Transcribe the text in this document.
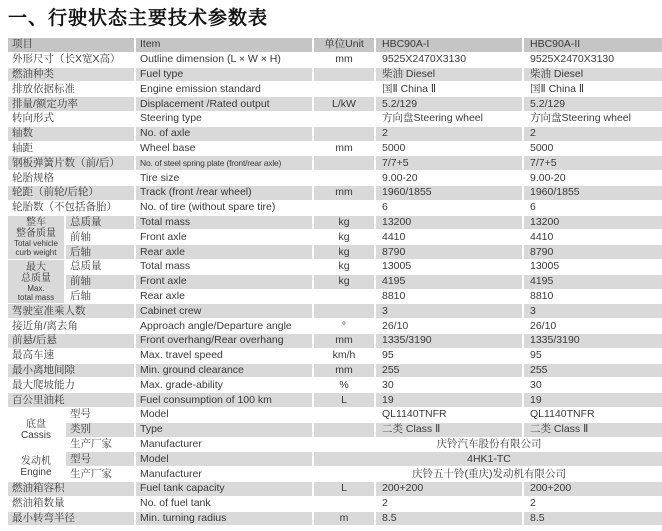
一、行驶状态主要技术参数表
项目		Item	单位Unit	HBC90A-I	HBC90A-II
外形尺寸（长X宽X高）		Outline dimension (L × W × H)	mm	9525X2470X3130	9525X2470X3130
燃油种类		Fuel type		柴油 Diesel	柴油 Diesel
排放依据标准		Engine emission standard		国Ⅱ China Ⅱ	国Ⅱ China Ⅱ
排量/额定功率		Displacement /Rated output	L/kW	5.2/129	5.2/129
转向形式		Steering type		方向盘Steering wheel	方向盘Steering wheel
轴数		No. of axle		2	2
轴距		Wheel base	mm	5000	5000
钢板弹簧片数（前/后）		No. of steel spring plate (front/rear axle)		7/7+5	7/7+5
轮胎规格		Tire size		9.00-20	9.00-20
轮距（前轮/后轮）		Track (front /rear wheel)	mm	1960/1855	1960/1855
轮胎数（不包括备胎）		No. of tire (without spare tire)		6	6

整车
整备质量
Total vehicle
curb weight	总质量	Total mass	kg	13200	13200
	前轴	Front axle	kg	4410	4410
	后轴	Rear axle	kg	8790	8790

最大
总质量
Max.
total mass	总质量	Total mass	kg	13005	13005
	前轴	Front axle	kg	4195	4195
	后轴	Rear axle		8810	8810
驾驶室准乘人数		Cabinet crew		3	3
接近角/离去角		Approach angle/Departure angle	°	26/10	26/10
前悬/后悬		Front overhang/Rear overhang	mm	1335/3190	1335/3190
最高车速		Max. travel speed	km/h	95	95
最小离地间隙		Min. ground clearance	mm	255	255
最大爬坡能力		Max. grade-ability	%	30	30
百公里油耗		Fuel consumption of 100 km	L	19	19

底盘
Cassis	型号	Model		QL1140TNFR	QL1140TNFR
	类别	Type		二类 Class Ⅱ	二类 Class Ⅱ
	生产厂家	Manufacturer	庆铃汽车股份有限公司		

发动机
Engine	型号	Model	4HK1-TC		
	生产厂家	Manufacturer	庆铃五十铃(重庆)发动机有限公司		
燃油箱容积		Fuel tank capacity	L	200+200	200+200
燃油箱数量		No. of fuel tank		2	2
最小转弯半径		Min. turning radius	m	8.5	8.5
